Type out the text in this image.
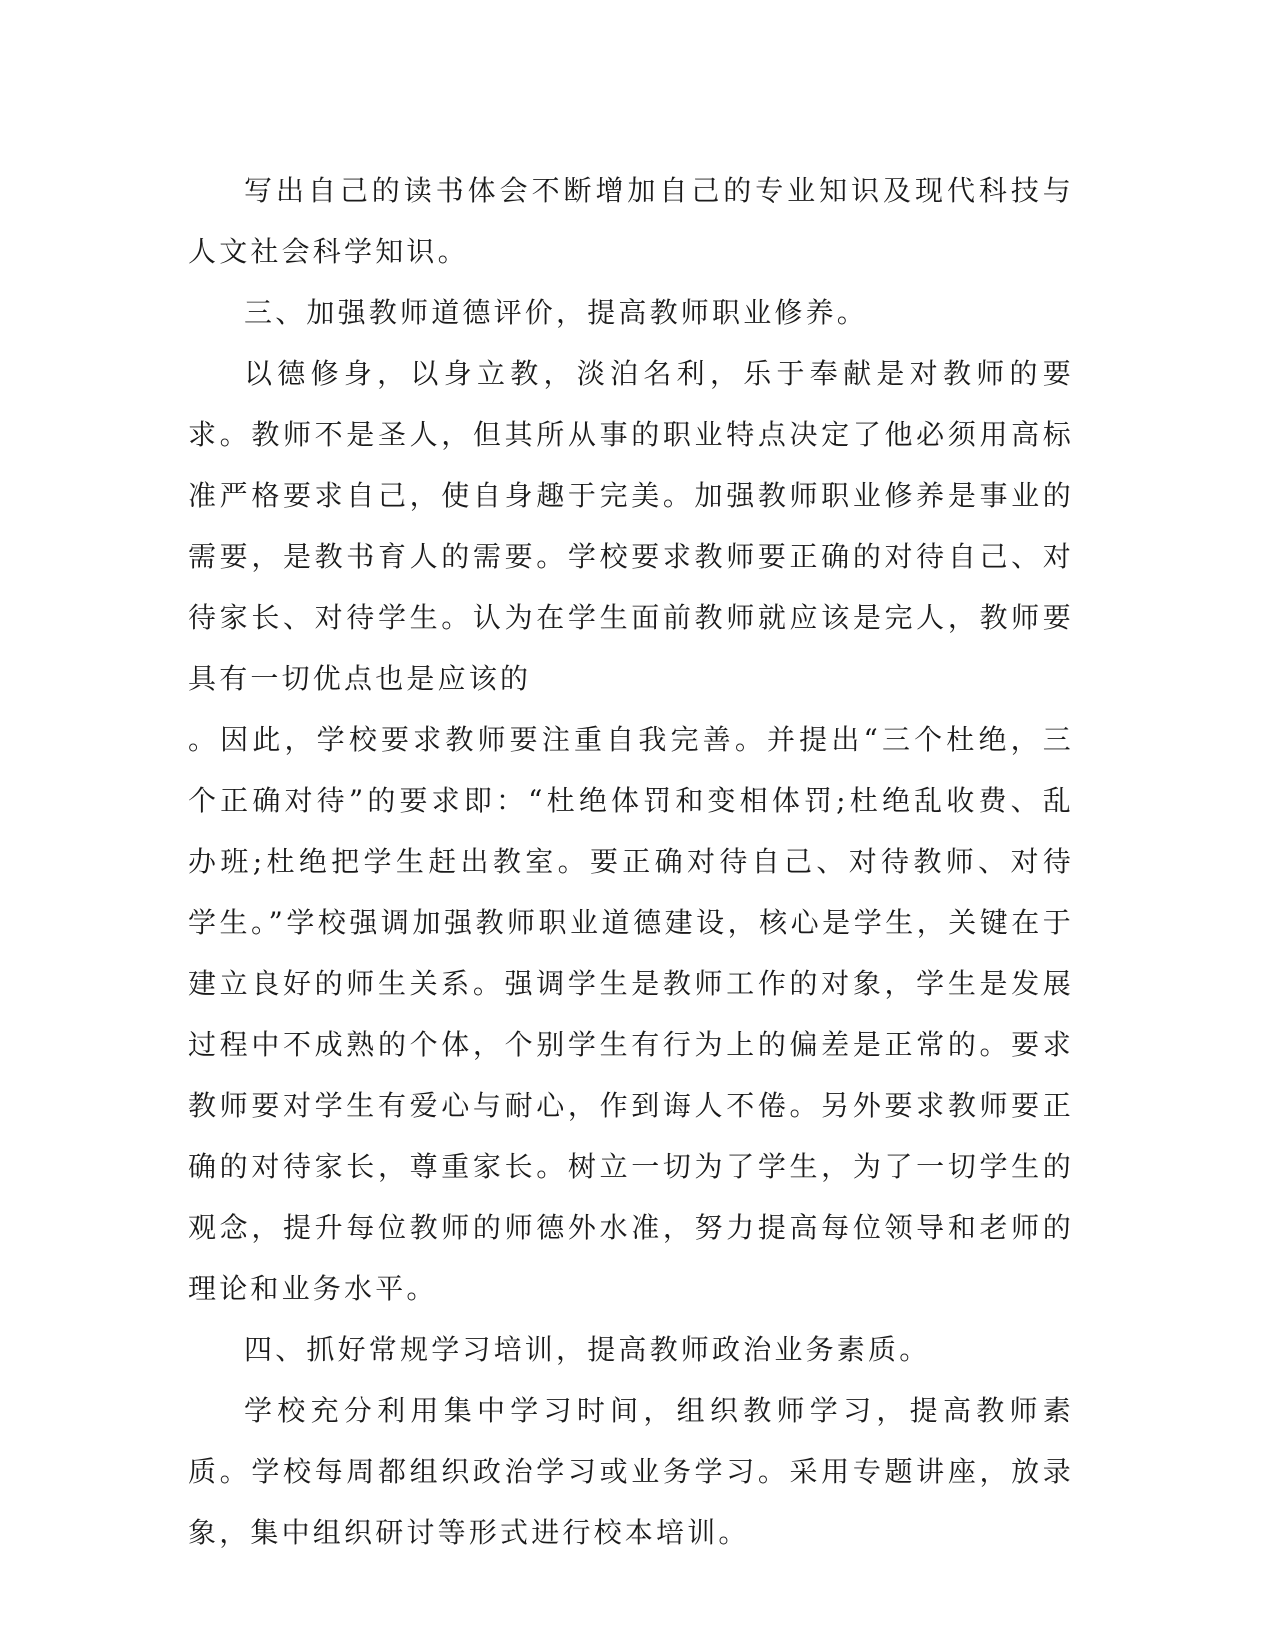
写出自己的读书体会不断增加自己的专业知识及现代科技与人文社会科学知识。

三、加强教师道德评价，提高教师职业修养。

以德修身，以身立教，淡泊名利，乐于奉献是对教师的要求。教师不是圣人，但其所从事的职业特点决定了他必须用高标准严格要求自己，使自身趣于完美。加强教师职业修养是事业的需要，是教书育人的需要。学校要求教师要正确的对待自己、对待家长、对待学生。认为在学生面前教师就应该是完人，教师要具有一切优点也是应该的

。因此，学校要求教师要注重自我完善。并提出“三个杜绝，三个正确对待”的要求即：“杜绝体罚和变相体罚;杜绝乱收费、乱办班;杜绝把学生赶出教室。要正确对待自己、对待教师、对待学生。”学校强调加强教师职业道德建设，核心是学生，关键在于建立良好的师生关系。强调学生是教师工作的对象，学生是发展过程中不成熟的个体，个别学生有行为上的偏差是正常的。要求教师要对学生有爱心与耐心，作到诲人不倦。另外要求教师要正确的对待家长，尊重家长。树立一切为了学生，为了一切学生的观念，提升每位教师的师德外水准，努力提高每位领导和老师的理论和业务水平。

四、抓好常规学习培训，提高教师政治业务素质。

学校充分利用集中学习时间，组织教师学习，提高教师素质。学校每周都组织政治学习或业务学习。采用专题讲座，放录象，集中组织研讨等形式进行校本培训。
